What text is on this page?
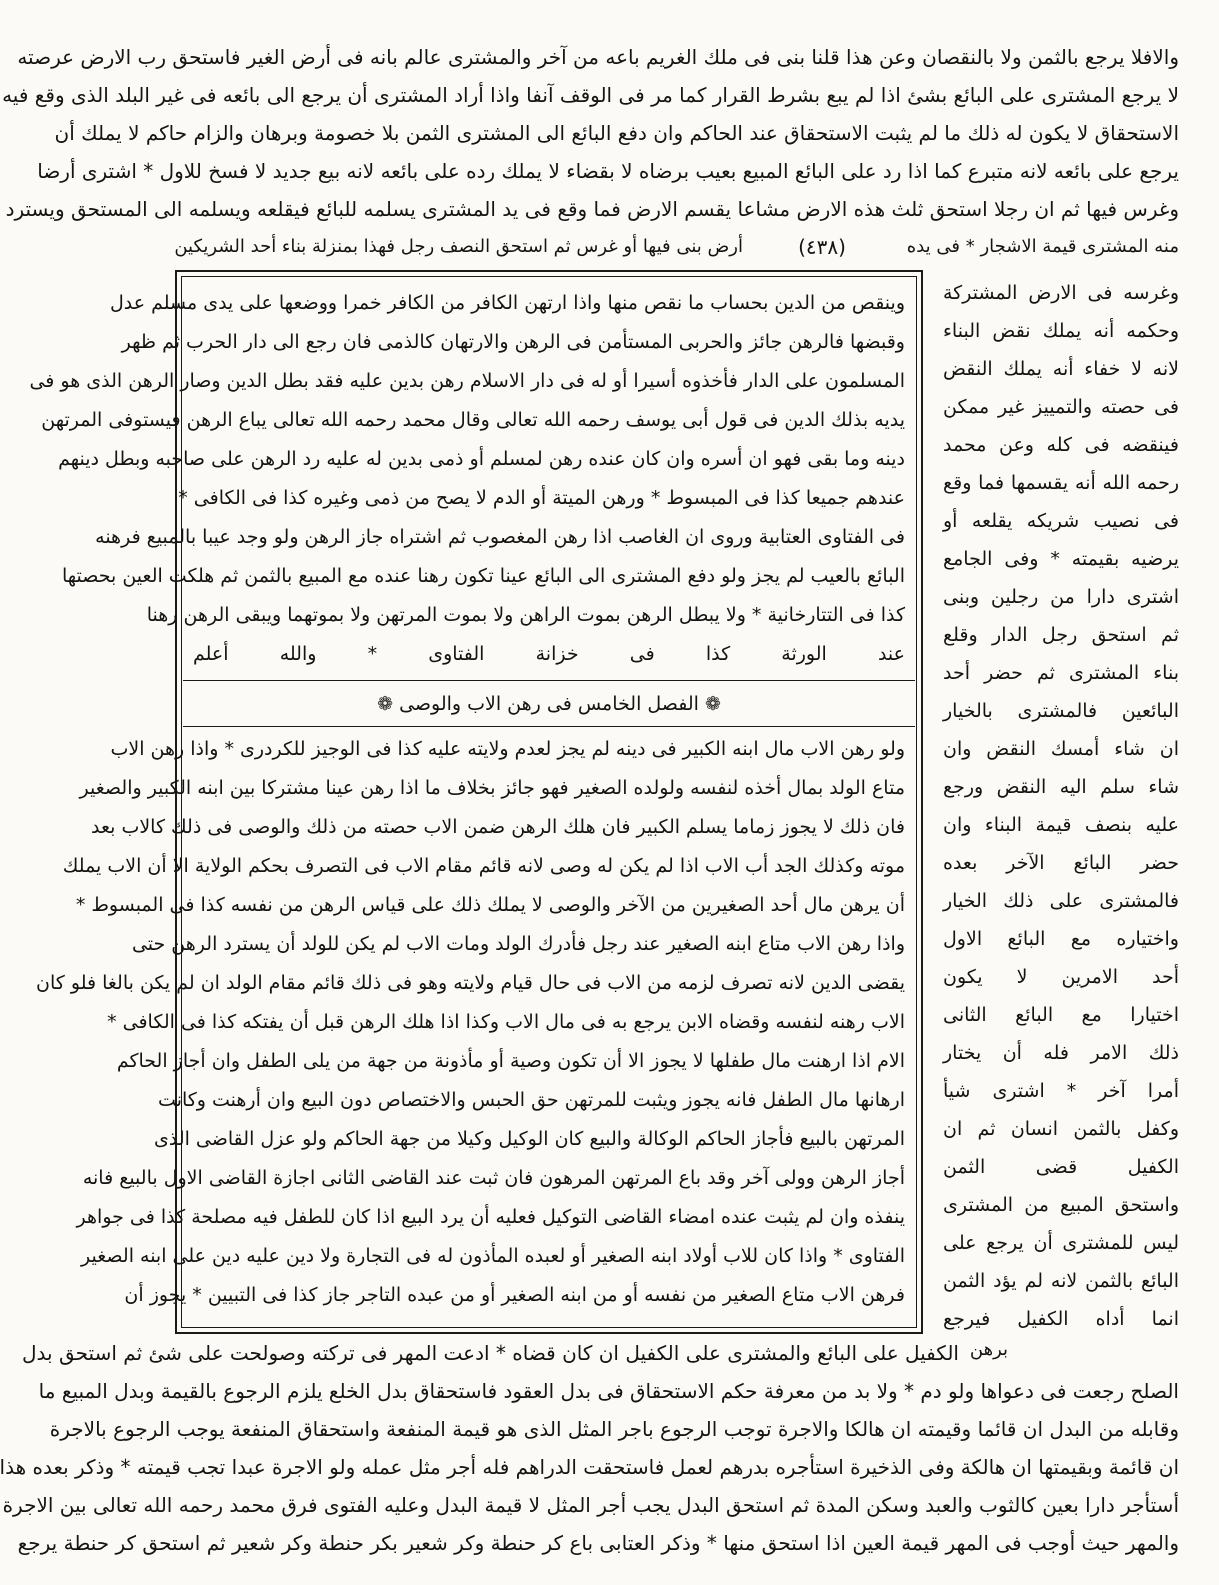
والافلا يرجع بالثمن ولا بالنقصان وعن هذا قلنا بنى فى ملك الغريم باعه من آخر والمشترى عالم بانه فى أرض الغير فاستحق رب الارض عرصته
لا يرجع المشترى على البائع بشئ اذا لم يبع بشرط القرار كما مر فى الوقف آنفا واذا أراد المشترى أن يرجع الى بائعه فى غير البلد الذى وقع فيه
الاستحقاق لا يكون له ذلك ما لم يثبت الاستحقاق عند الحاكم وان دفع البائع الى المشترى الثمن بلا خصومة وبرهان والزام حاكم لا يملك أن
يرجع على بائعه لانه متبرع كما اذا رد على البائع المبيع بعيب برضاه لا بقضاء لا يملك رده على بائعه لانه بيع جديد لا فسخ للاول * اشترى أرضا
وغرس فيها ثم ان رجلا استحق ثلث هذه الارض مشاعا يقسم الارض فما وقع فى يد المشترى يسلمه للبائع فيقلعه ويسلمه الى المستحق ويسترد
منه المشترى قيمة الاشجار * فى يده
(٤٣٨)
أرض بنى فيها أو غرس ثم استحق النصف رجل فهذا بمنزلة بناء أحد الشريكين
وينقص من الدين بحساب ما نقص منها واذا ارتهن الكافر من الكافر خمرا ووضعها على يدى مسلم عدل
وقبضها فالرهن جائز والحربى المستأمن فى الرهن والارتهان كالذمى فان رجع الى دار الحرب ثم ظهر
المسلمون على الدار فأخذوه أسيرا أو له فى دار الاسلام رهن بدين عليه فقد بطل الدين وصار الرهن الذى هو فى
يديه بذلك الدين فى قول أبى يوسف رحمه الله تعالى وقال محمد رحمه الله تعالى يباع الرهن فيستوفى المرتهن
دينه وما بقى فهو ان أسره وان كان عنده رهن لمسلم أو ذمى بدين له عليه رد الرهن على صاحبه وبطل دينهم
عندهم جميعا كذا فى المبسوط * ورهن الميتة أو الدم لا يصح من ذمى وغيره كذا فى الكافى *
فى الفتاوى العتابية وروى ان الغاصب اذا رهن المغصوب ثم اشتراه جاز الرهن ولو وجد عيبا بالمبيع فرهنه
البائع بالعيب لم يجز ولو دفع المشترى الى البائع عينا تكون رهنا عنده مع المبيع بالثمن ثم هلكت العين بحصتها
كذا فى التتارخانية * ولا يبطل الرهن بموت الراهن ولا بموت المرتهن ولا بموتهما ويبقى الرهن رهنا
عند الورثة كذا فى خزانة الفتاوى * والله أعلم
❁ الفصل الخامس فى رهن الاب والوصى ❁
ولو رهن الاب مال ابنه الكبير فى دينه لم يجز لعدم ولايته عليه كذا فى الوجيز للكردرى * واذا رهن الاب
متاع الولد بمال أخذه لنفسه ولولده الصغير فهو جائز بخلاف ما اذا رهن عينا مشتركا بين ابنه الكبير والصغير
فان ذلك لا يجوز زماما يسلم الكبير فان هلك الرهن ضمن الاب حصته من ذلك والوصى فى ذلك كالاب بعد
موته وكذلك الجد أب الاب اذا لم يكن له وصى لانه قائم مقام الاب فى التصرف بحكم الولاية الا أن الاب يملك
أن يرهن مال أحد الصغيرين من الآخر والوصى لا يملك ذلك على قياس الرهن من نفسه كذا فى المبسوط *
واذا رهن الاب متاع ابنه الصغير عند رجل فأدرك الولد ومات الاب لم يكن للولد أن يسترد الرهن حتى
يقضى الدين لانه تصرف لزمه من الاب فى حال قيام ولايته وهو فى ذلك قائم مقام الولد ان لم يكن بالغا فلو كان
الاب رهنه لنفسه وقضاه الابن يرجع به فى مال الاب وكذا اذا هلك الرهن قبل أن يفتكه كذا فى الكافى *
الام اذا ارهنت مال طفلها لا يجوز الا أن تكون وصية أو مأذونة من جهة من يلى الطفل وان أجاز الحاكم
ارهانها مال الطفل فانه يجوز ويثبت للمرتهن حق الحبس والاختصاص دون البيع وان أرهنت وكانت
المرتهن بالبيع فأجاز الحاكم الوكالة والبيع كان الوكيل وكيلا من جهة الحاكم ولو عزل القاضى الذى
أجاز الرهن وولى آخر وقد باع المرتهن المرهون فان ثبت عند القاضى الثانى اجازة القاضى الاول بالبيع فانه
ينفذه وان لم يثبت عنده امضاء القاضى التوكيل فعليه أن يرد البيع اذا كان للطفل فيه مصلحة كذا فى جواهر
الفتاوى * واذا كان للاب أولاد ابنه الصغير أو لعبده المأذون له فى التجارة ولا دين عليه دين على ابنه الصغير
فرهن الاب متاع الصغير من نفسه أو من ابنه الصغير أو من عبده التاجر جاز كذا فى التبيين * يجوز أن
وغرسه فى الارض المشتركة
وحكمه أنه يملك نقض البناء
لانه لا خفاء أنه يملك النقض
فى حصته والتمييز غير ممكن
فينقضه فى كله وعن محمد
رحمه الله أنه يقسمها فما وقع
فى نصيب شريكه يقلعه أو
يرضيه بقيمته * وفى الجامع
اشترى دارا من رجلين وبنى
ثم استحق رجل الدار وقلع
بناء المشترى ثم حضر أحد
البائعين فالمشترى بالخيار
ان شاء أمسك النقض وان
شاء سلم اليه النقض ورجع
عليه بنصف قيمة البناء وان
حضر البائع الآخر بعده
فالمشترى على ذلك الخيار
واختياره مع البائع الاول
أحد الامرين لا يكون
اختيارا مع البائع الثانى
ذلك الامر فله أن يختار
أمرا آخر * اشترى شيأ
وكفل بالثمن انسان ثم ان
الكفيل قضى الثمن
واستحق المبيع من المشترى
ليس للمشترى أن يرجع على
البائع بالثمن لانه لم يؤد الثمن
انما أداه الكفيل فيرجع
برهن
الكفيل على البائع والمشترى على الكفيل ان كان قضاه * ادعت المهر فى تركته وصولحت على شئ ثم استحق بدل
الصلح رجعت فى دعواها ولو دم * ولا بد من معرفة حكم الاستحقاق فى بدل العقود فاستحقاق بدل الخلع يلزم الرجوع بالقيمة وبدل المبيع ما
وقابله من البدل ان قائما وقيمته ان هالكا والاجرة توجب الرجوع باجر المثل الذى هو قيمة المنفعة واستحقاق المنفعة يوجب الرجوع بالاجرة
ان قائمة وبقيمتها ان هالكة وفى الذخيرة استأجره بدرهم لعمل فاستحقت الدراهم فله أجر مثل عمله ولو الاجرة عبدا تجب قيمته * وذكر بعده هذا
أستأجر دارا بعين كالثوب والعبد وسكن المدة ثم استحق البدل يجب أجر المثل لا قيمة البدل وعليه الفتوى فرق محمد رحمه الله تعالى بين الاجرة
والمهر حيث أوجب فى المهر قيمة العين اذا استحق منها * وذكر العتابى باع كر حنطة وكر شعير بكر حنطة وكر شعير ثم استحق كر حنطة يرجع
